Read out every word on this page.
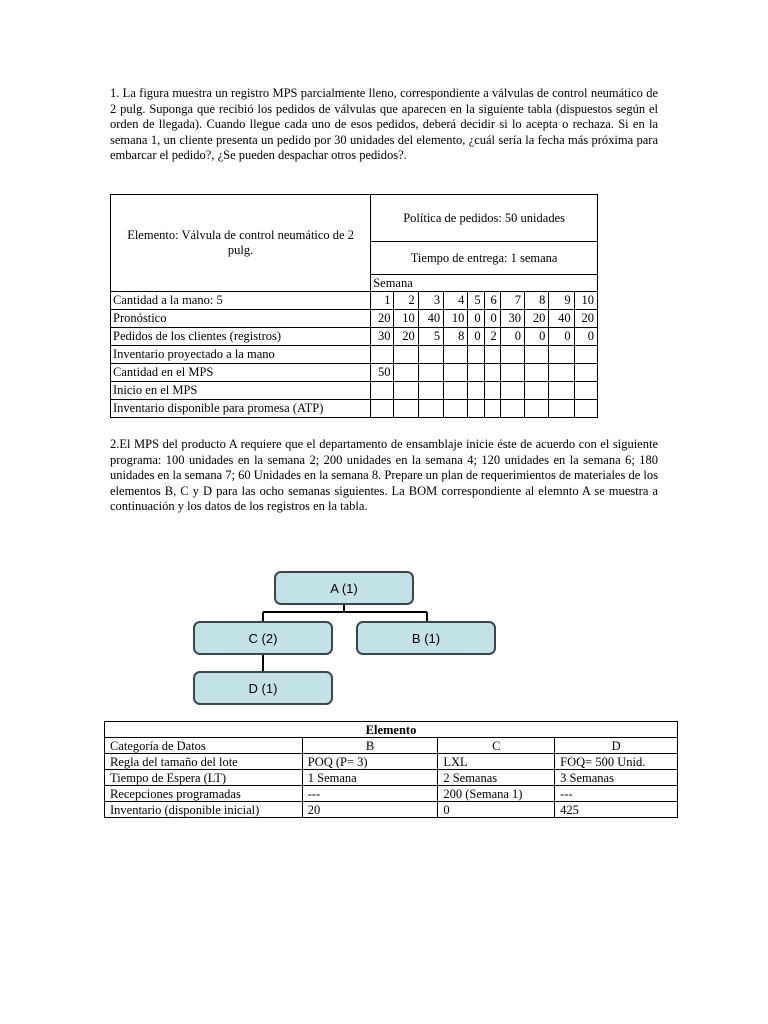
1. La figura muestra un registro MPS parcialmente lleno, correspondiente a válvulas de control neumático de 2 pulg. Suponga que recibió los pedidos de válvulas que aparecen en la siguiente tabla (dispuestos según el orden de llegada). Cuando llegue cada uno de esos pedidos, deberá decidir si lo acepta o rechaza. Si en la semana 1, un cliente presenta un pedido por 30 unidades del elemento, ¿cuál sería la fecha más próxima para embarcar el pedido?, ¿Se pueden despachar otros pedidos?.
Elemento: Válvula de control neumático de 2 pulg.	Política de pedidos: 50 unidades									
	Tiempo de entrega: 1 semana									
	Semana									
Cantidad a la mano: 5	1	2	3	4	5	6	7	8	9	10
Pronóstico	20	10	40	10	0	0	30	20	40	20
Pedidos de los clientes (registros)	30	20	5	8	0	2	0	0	0	0
Inventario proyectado a la mano										
Cantidad en el MPS	50									
Inicio en el MPS										
Inventario disponible para promesa (ATP)										
2.El MPS del producto A requiere que el departamento de ensamblaje inicie éste de acuerdo con el siguiente programa: 100 unidades en la semana 2; 200 unidades en la semana 4; 120 unidades en la semana 6; 180 unidades en la semana 7; 60 Unidades en la semana 8. Prepare un plan de requerimientos de materiales de los elementos B, C y D para las ocho semanas siguientes. La BOM correspondiente al elemnto A se muestra a continuación y los datos de los registros en la tabla.
A (1)
C (2)	B (1)
D (1)
Elemento			
Categoría de Datos	B	C	D
Regla del tamaño del lote	POQ (P= 3)	LXL	FOQ= 500 Unid.
Tiempo de Espera (LT)	1 Semana	2 Semanas	3 Semanas
Recepciones programadas	---	200 (Semana 1)	---
Inventario (disponible inicial)	20	0	425
